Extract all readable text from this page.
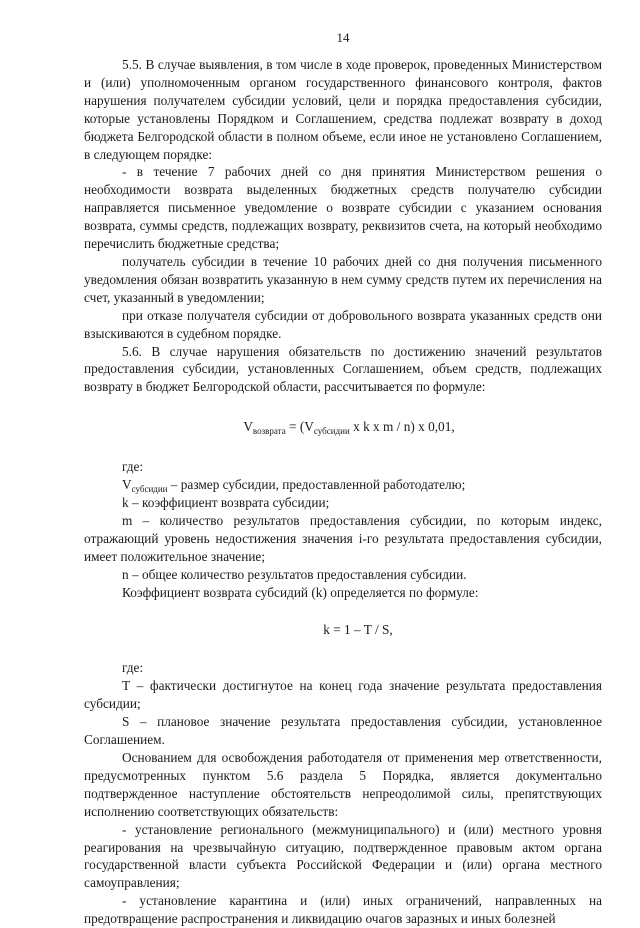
14

5.5. В случае выявления, в том числе в ходе проверок, проведенных Министерством и (или) уполномоченным органом государственного финансового контроля, фактов нарушения получателем субсидии условий, цели и порядка предоставления субсидии, которые установлены Порядком и Соглашением, средства подлежат возврату в доход бюджета Белгородской области в полном объеме, если иное не установлено Соглашением, в следующем порядке:

- в течение 7 рабочих дней со дня принятия Министерством решения о необходимости возврата выделенных бюджетных средств получателю субсидии направляется письменное уведомление о возврате субсидии с указанием основания возврата, суммы средств, подлежащих возврату, реквизитов счета, на который необходимо перечислить бюджетные средства;

получатель субсидии в течение 10 рабочих дней со дня получения письменного уведомления обязан возвратить указанную в нем сумму средств путем их перечисления на счет, указанный в уведомлении;

при отказе получателя субсидии от добровольного возврата указанных средств они взыскиваются в судебном порядке.

5.6. В случае нарушения обязательств по достижению значений результатов предоставления субсидии, установленных Соглашением, объем средств, подлежащих возврату в бюджет Белгородской области, рассчитывается по формуле:

$V_{возврата} = (V_{субсидии}$ x k x m / n) x 0,01,

где:

$V_{субсидии}$ – размер субсидии, предоставленной работодателю;

k – коэффициент возврата субсидии;

m – количество результатов предоставления субсидии, по которым индекс, отражающий уровень недостижения значения i-го результата предоставления субсидии, имеет положительное значение;

n – общее количество результатов предоставления субсидии.

Коэффициент возврата субсидий (k) определяется по формуле:

k = 1 – T / S,

где:

Т – фактически достигнутое на конец года значение результата предоставления субсидии;

S – плановое значение результата предоставления субсидии, установленное Соглашением.

Основанием для освобождения работодателя от применения мер ответственности, предусмотренных пунктом 5.6 раздела 5 Порядка, является документально подтвержденное наступление обстоятельств непреодолимой силы, препятствующих исполнению соответствующих обязательств:

- установление регионального (межмуниципального) и (или) местного уровня реагирования на чрезвычайную ситуацию, подтвержденное правовым актом органа государственной власти субъекта Российской Федерации и (или) органа местного самоуправления;

- установление карантина и (или) иных ограничений, направленных на предотвращение распространения и ликвидацию очагов заразных и иных болезней
